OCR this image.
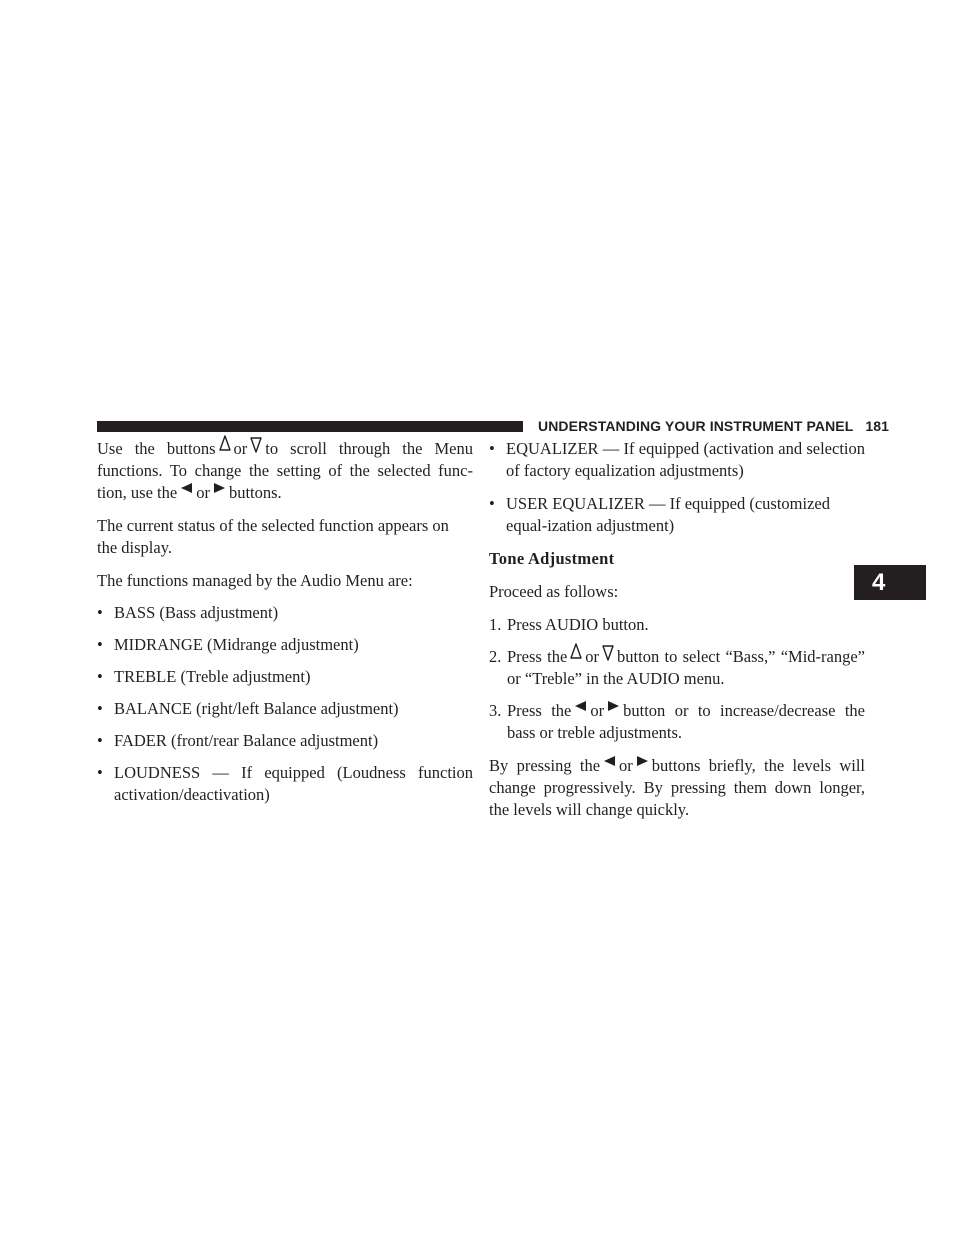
UNDERSTANDING YOUR INSTRUMENT PANEL 181
4

Use the buttons or to scroll through the Menu functions. To change the setting of the selected func-tion, use the or buttons.

The current status of the selected function appears on the display.

The functions managed by the Audio Menu are:

• BASS (Bass adjustment)

• MIDRANGE (Midrange adjustment)

• TREBLE (Treble adjustment)

• BALANCE (right/left Balance adjustment)

• FADER (front/rear Balance adjustment)

• LOUDNESS — If equipped (Loudness function activation/deactivation)

• EQUALIZER — If equipped (activation and selection of factory equalization adjustments)

• USER EQUALIZER — If equipped (customized equal-ization adjustment)

Tone Adjustment

Proceed as follows:

1. Press AUDIO button.

2. Press the or button to select “Bass,” “Mid-range” or “Treble” in the AUDIO menu.

3. Press the or button or to increase/decrease the bass or treble adjustments.

By pressing the or buttons briefly, the levels will change progressively. By pressing them down longer, the levels will change quickly.
